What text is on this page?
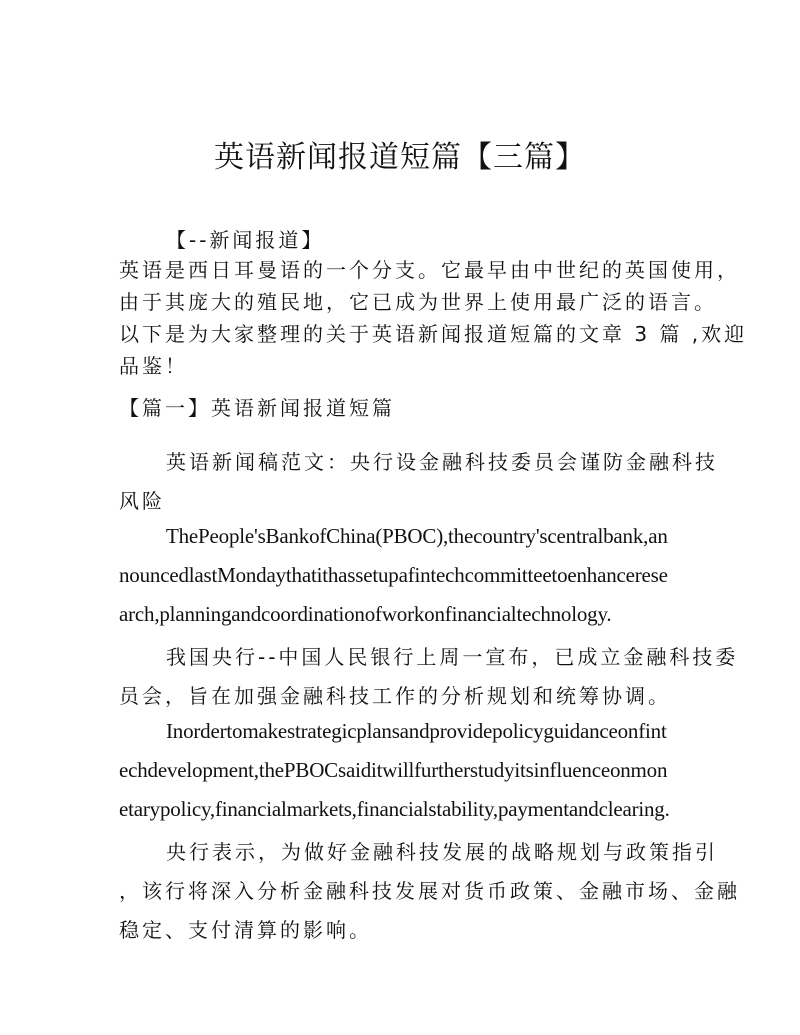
英语新闻报道短篇【三篇】
【--新闻报道】
英语是西日耳曼语的一个分支。它最早由中世纪的英国使用，
由于其庞大的殖民地，它已成为世界上使用最广泛的语言。
以下是为大家整理的关于英语新闻报道短篇的文章 3 篇 ,欢迎
品鉴！
【篇一】英语新闻报道短篇
英语新闻稿范文：央行设金融科技委员会谨防金融科技
风险
ThePeople'sBankofChina(PBOC),thecountry'scentralbank,an
nouncedlastMondaythatithassetupafintechcommitteetoenhancerese
arch,planningandcoordinationofworkonfinancialtechnology.
我国央行--中国人民银行上周一宣布，已成立金融科技委
员会，旨在加强金融科技工作的分析规划和统筹协调。
Inordertomakestrategicplansandprovidepolicyguidanceonfint
echdevelopment,thePBOCsaiditwillfurtherstudyitsinfluenceonmon
etarypolicy,financialmarkets,financialstability,paymentandclearing.
央行表示，为做好金融科技发展的战略规划与政策指引
，该行将深入分析金融科技发展对货币政策、金融市场、金融
稳定、支付清算的影响。
